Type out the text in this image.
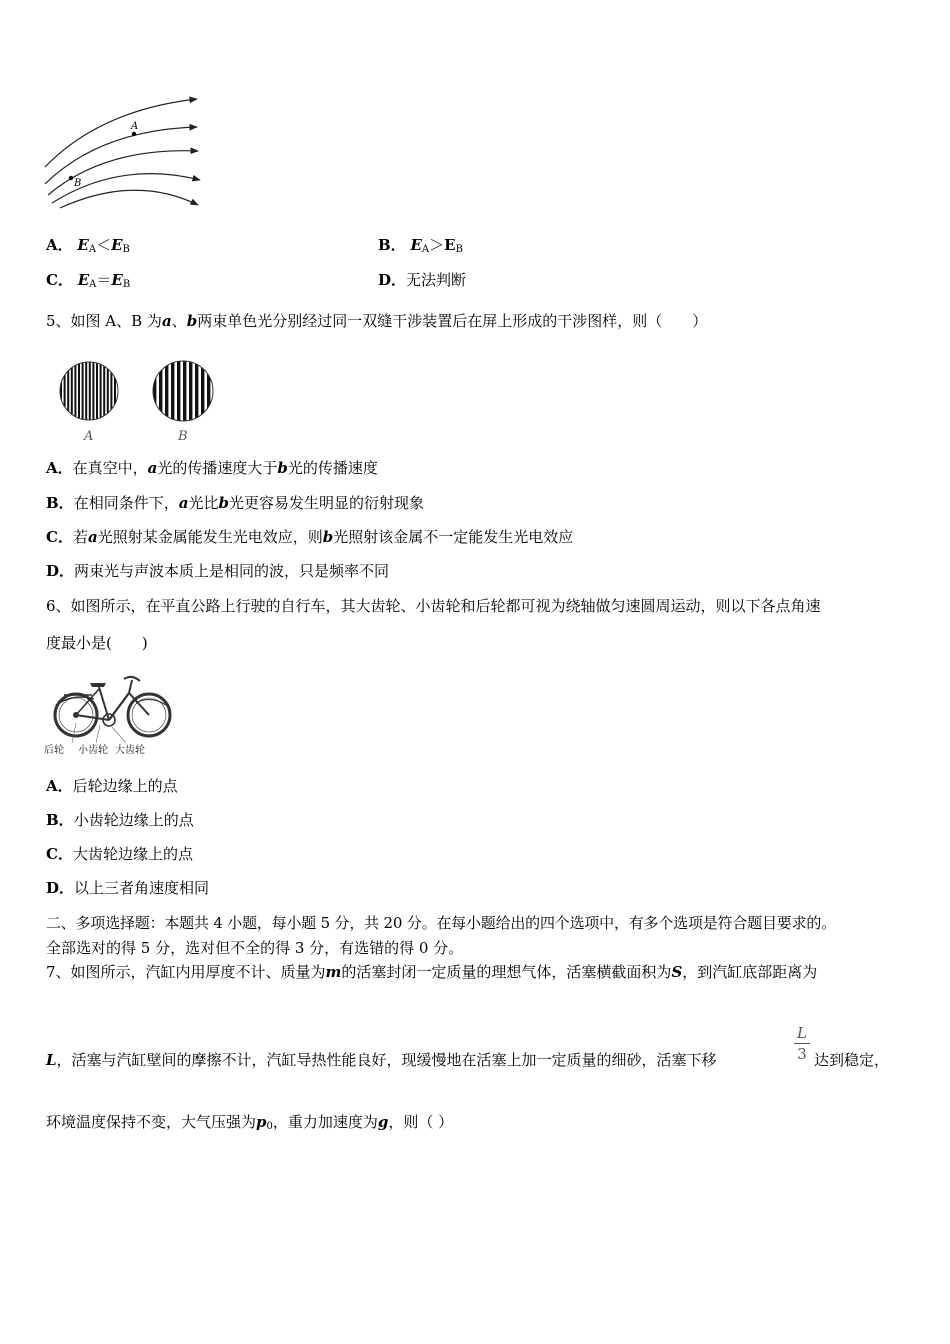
A
B
A． $E_A<E_B$	B． $E_A>E_B$
C． $E_A=E_B$	D．无法判断
5、如图 A、B 为a、b两束单色光分别经过同一双缝干涉装置后在屏上形成的干涉图样，则（　　）
A	B
A．在真空中，a光的传播速度大于b光的传播速度
B．在相同条件下，a光比b光更容易发生明显的衍射现象
C．若a光照射某金属能发生光电效应，则b光照射该金属不一定能发生光电效应
D．两束光与声波本质上是相同的波，只是频率不同
6、如图所示，在平直公路上行驶的自行车，其大齿轮、小齿轮和后轮都可视为绕轴做匀速圆周运动，则以下各点角速
度最小是(　　)
后轮 小齿轮 大齿轮
A．后轮边缘上的点
B．小齿轮边缘上的点
C．大齿轮边缘上的点
D．以上三者角速度相同
二、多项选择题：本题共 4 小题，每小题 5 分，共 20 分。在每小题给出的四个选项中，有多个选项是符合题目要求的。
全部选对的得 5 分，选对但不全的得 3 分，有选错的得 0 分。
7、如图所示，汽缸内用厚度不计、质量为m的活塞封闭一定质量的理想气体，活塞横截面积为S，到汽缸底部距离为
L，活塞与汽缸壁间的摩擦不计，汽缸导热性能良好，现缓慢地在活塞上加一定质量的细砂，活塞下移
L
3 达到稳定，
环境温度保持不变，大气压强为$p_0$，重力加速度为g，则（ ）
